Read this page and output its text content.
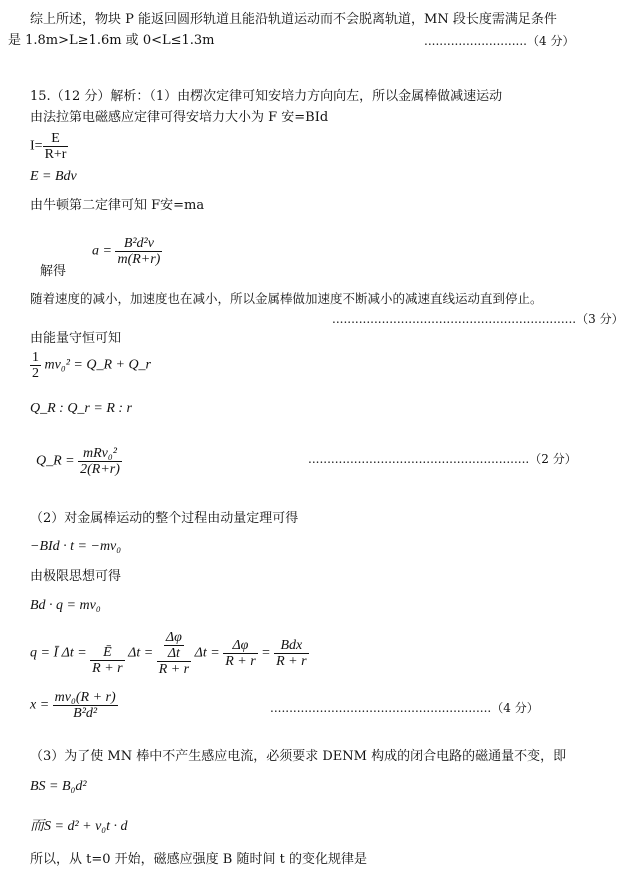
综上所述，物块 P 能返回圆形轨道且能沿轨道运动而不会脱离轨道，MN 段长度需满足条件
是 1.8m>L≥1.6m 或 0<L≤1.3m	...........................（4 分）
15.（12 分）解析：（1）由楞次定律可知安培力方向向左，所以金属棒做减速运动
由法拉第电磁感应定律可得安培力大小为 F 安=BId
$I= \frac{E}{R+r}$
E = Bdv
由牛顿第二定律可知 F安=ma
$a = \frac{\text{B²d²v}}{m(R+r)}$
解得
随着速度的减小，加速度也在减小，所以金属棒做加速度不断减小的减速直线运动直到停止。
................................................................（3 分）
由能量守恒可知
$\frac{1}{2} mv_0^2$ = Q_R + Q_r
Q_R : Q_r = R : r
Q_R = $\frac{\text{mRv₀²}}{2(R+r)}$	..........................................................（2 分）
（2）对金属棒运动的整个过程由动量定理可得
−BId · t = −mv₀
由极限思想可得
Bd · q = mv₀
q = Ī $\Delta t = \frac{Ē}{R + r}$ $\Delta t = \frac{\frac{\Delta\varphi}{\Delta t}}{R + r}$ $\Delta t = \frac{\Delta\varphi}{R + r} = \frac{\text{Bdx}}{R + r}$
$x = \frac{\text{mv₀(R + r)}}{\text{B²d²}}$	..........................................................（4 分）
（3）为了使 MN 棒中不产生感应电流，必须要求 DENM 构成的闭合电路的磁通量不变，即
BS = B₀d²
而S = d² + v₀t · d
所以，从 t=0 开始，磁感应强度 B 随时间 t 的变化规律是
